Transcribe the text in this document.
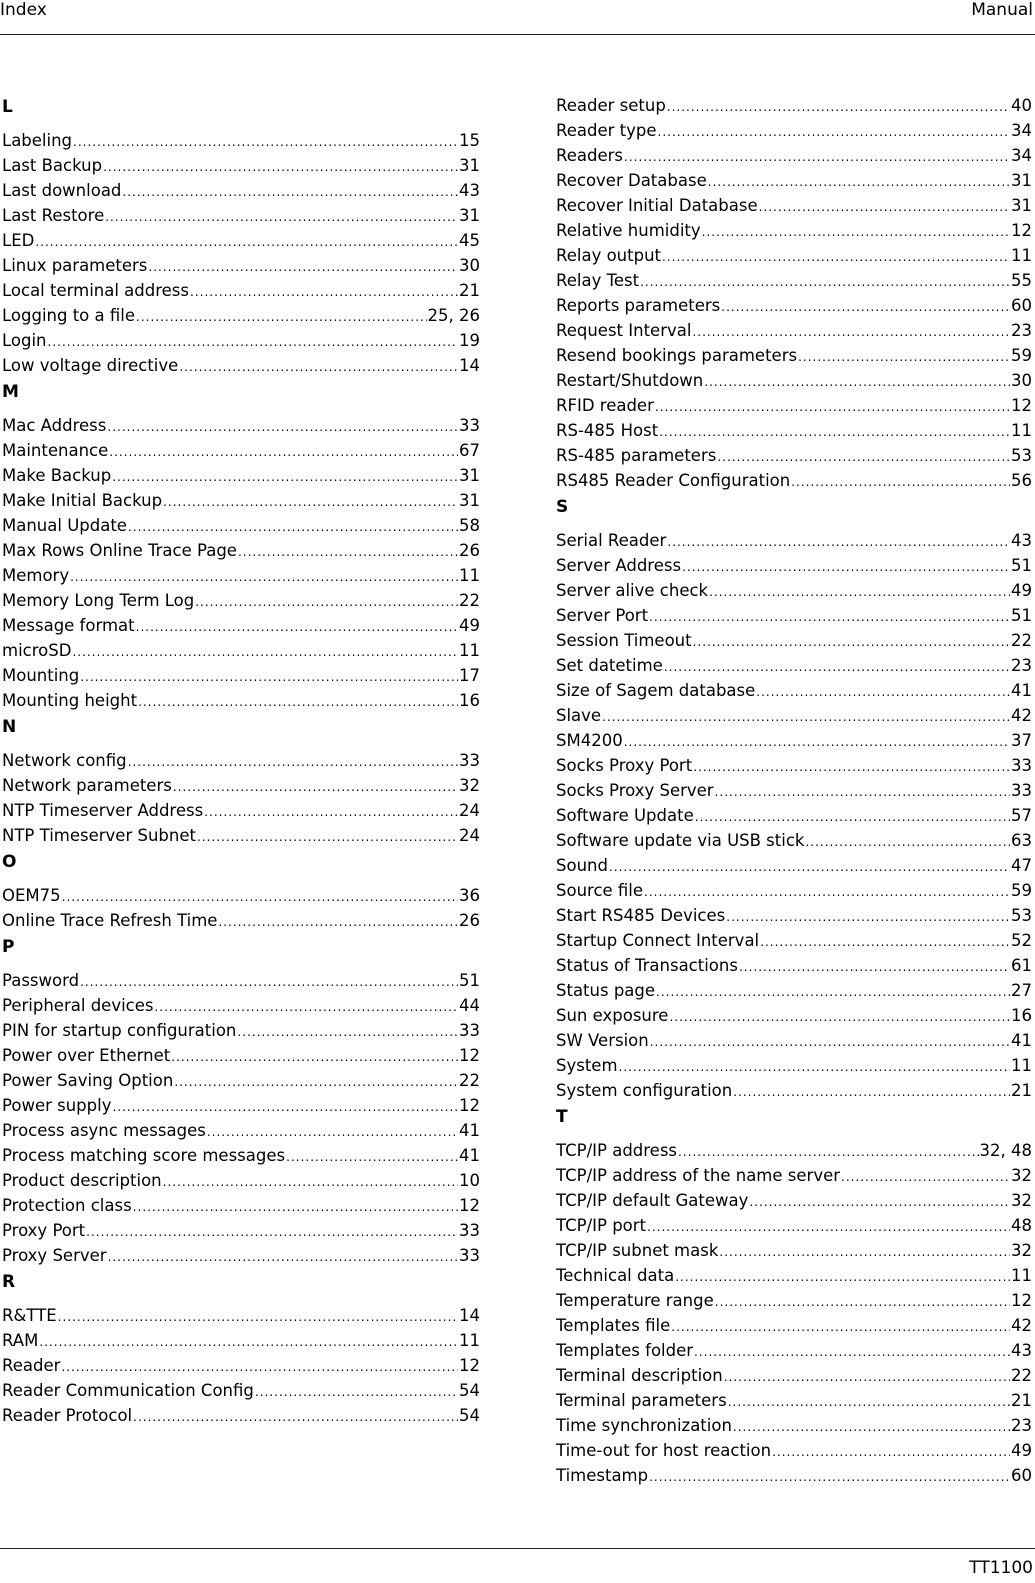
Index	Manual
L
Labeling .....	15
Last Backup .....	31
Last download .....	43
Last Restore .....	31
LED .....	45
Linux parameters .....	30
Local terminal address .....	21
Logging to a file .....	25, 26
Login .....	19
Low voltage directive .....	14
M
Mac Address .....	33
Maintenance .....	67
Make Backup .....	31
Make Initial Backup .....	31
Manual Update .....	58
Max Rows Online Trace Page .....	26
Memory .....	11
Memory Long Term Log .....	22
Message format .....	49
microSD .....	11
Mounting .....	17
Mounting height .....	16
N
Network config .....	33
Network parameters .....	32
NTP Timeserver Address .....	24
NTP Timeserver Subnet .....	24
O
OEM75 .....	36
Online Trace Refresh Time .....	26
P
Password .....	51
Peripheral devices .....	44
PIN for startup configuration .....	33
Power over Ethernet .....	12
Power Saving Option .....	22
Power supply .....	12
Process async messages .....	41
Process matching score messages .....	41
Product description .....	10
Protection class .....	12
Proxy Port .....	33
Proxy Server .....	33
R
R&TTE .....	14
RAM .....	11
Reader .....	12
Reader Communication Config .....	54
Reader Protocol .....	54
Reader setup .....	40
Reader type .....	34
Readers .....	34
Recover Database .....	31
Recover Initial Database .....	31
Relative humidity .....	12
Relay output .....	11
Relay Test .....	55
Reports parameters .....	60
Request Interval .....	23
Resend bookings parameters .....	59
Restart/Shutdown .....	30
RFID reader .....	12
RS-485 Host .....	11
RS-485 parameters .....	53
RS485 Reader Configuration .....	56
S
Serial Reader .....	43
Server Address .....	51
Server alive check .....	49
Server Port .....	51
Session Timeout .....	22
Set datetime .....	23
Size of Sagem database .....	41
Slave .....	42
SM4200 .....	37
Socks Proxy Port .....	33
Socks Proxy Server .....	33
Software Update .....	57
Software update via USB stick .....	63
Sound .....	47
Source file .....	59
Start RS485 Devices .....	53
Startup Connect Interval .....	52
Status of Transactions .....	61
Status page .....	27
Sun exposure .....	16
SW Version .....	41
System .....	11
System configuration .....	21
T
TCP/IP address .....	32, 48
TCP/IP address of the name server .....	32
TCP/IP default Gateway .....	32
TCP/IP port .....	48
TCP/IP subnet mask .....	32
Technical data .....	11
Temperature range .....	12
Templates file .....	42
Templates folder .....	43
Terminal description .....	22
Terminal parameters .....	21
Time synchronization .....	23
Time-out for host reaction .....	49
Timestamp .....	60
TT1100
